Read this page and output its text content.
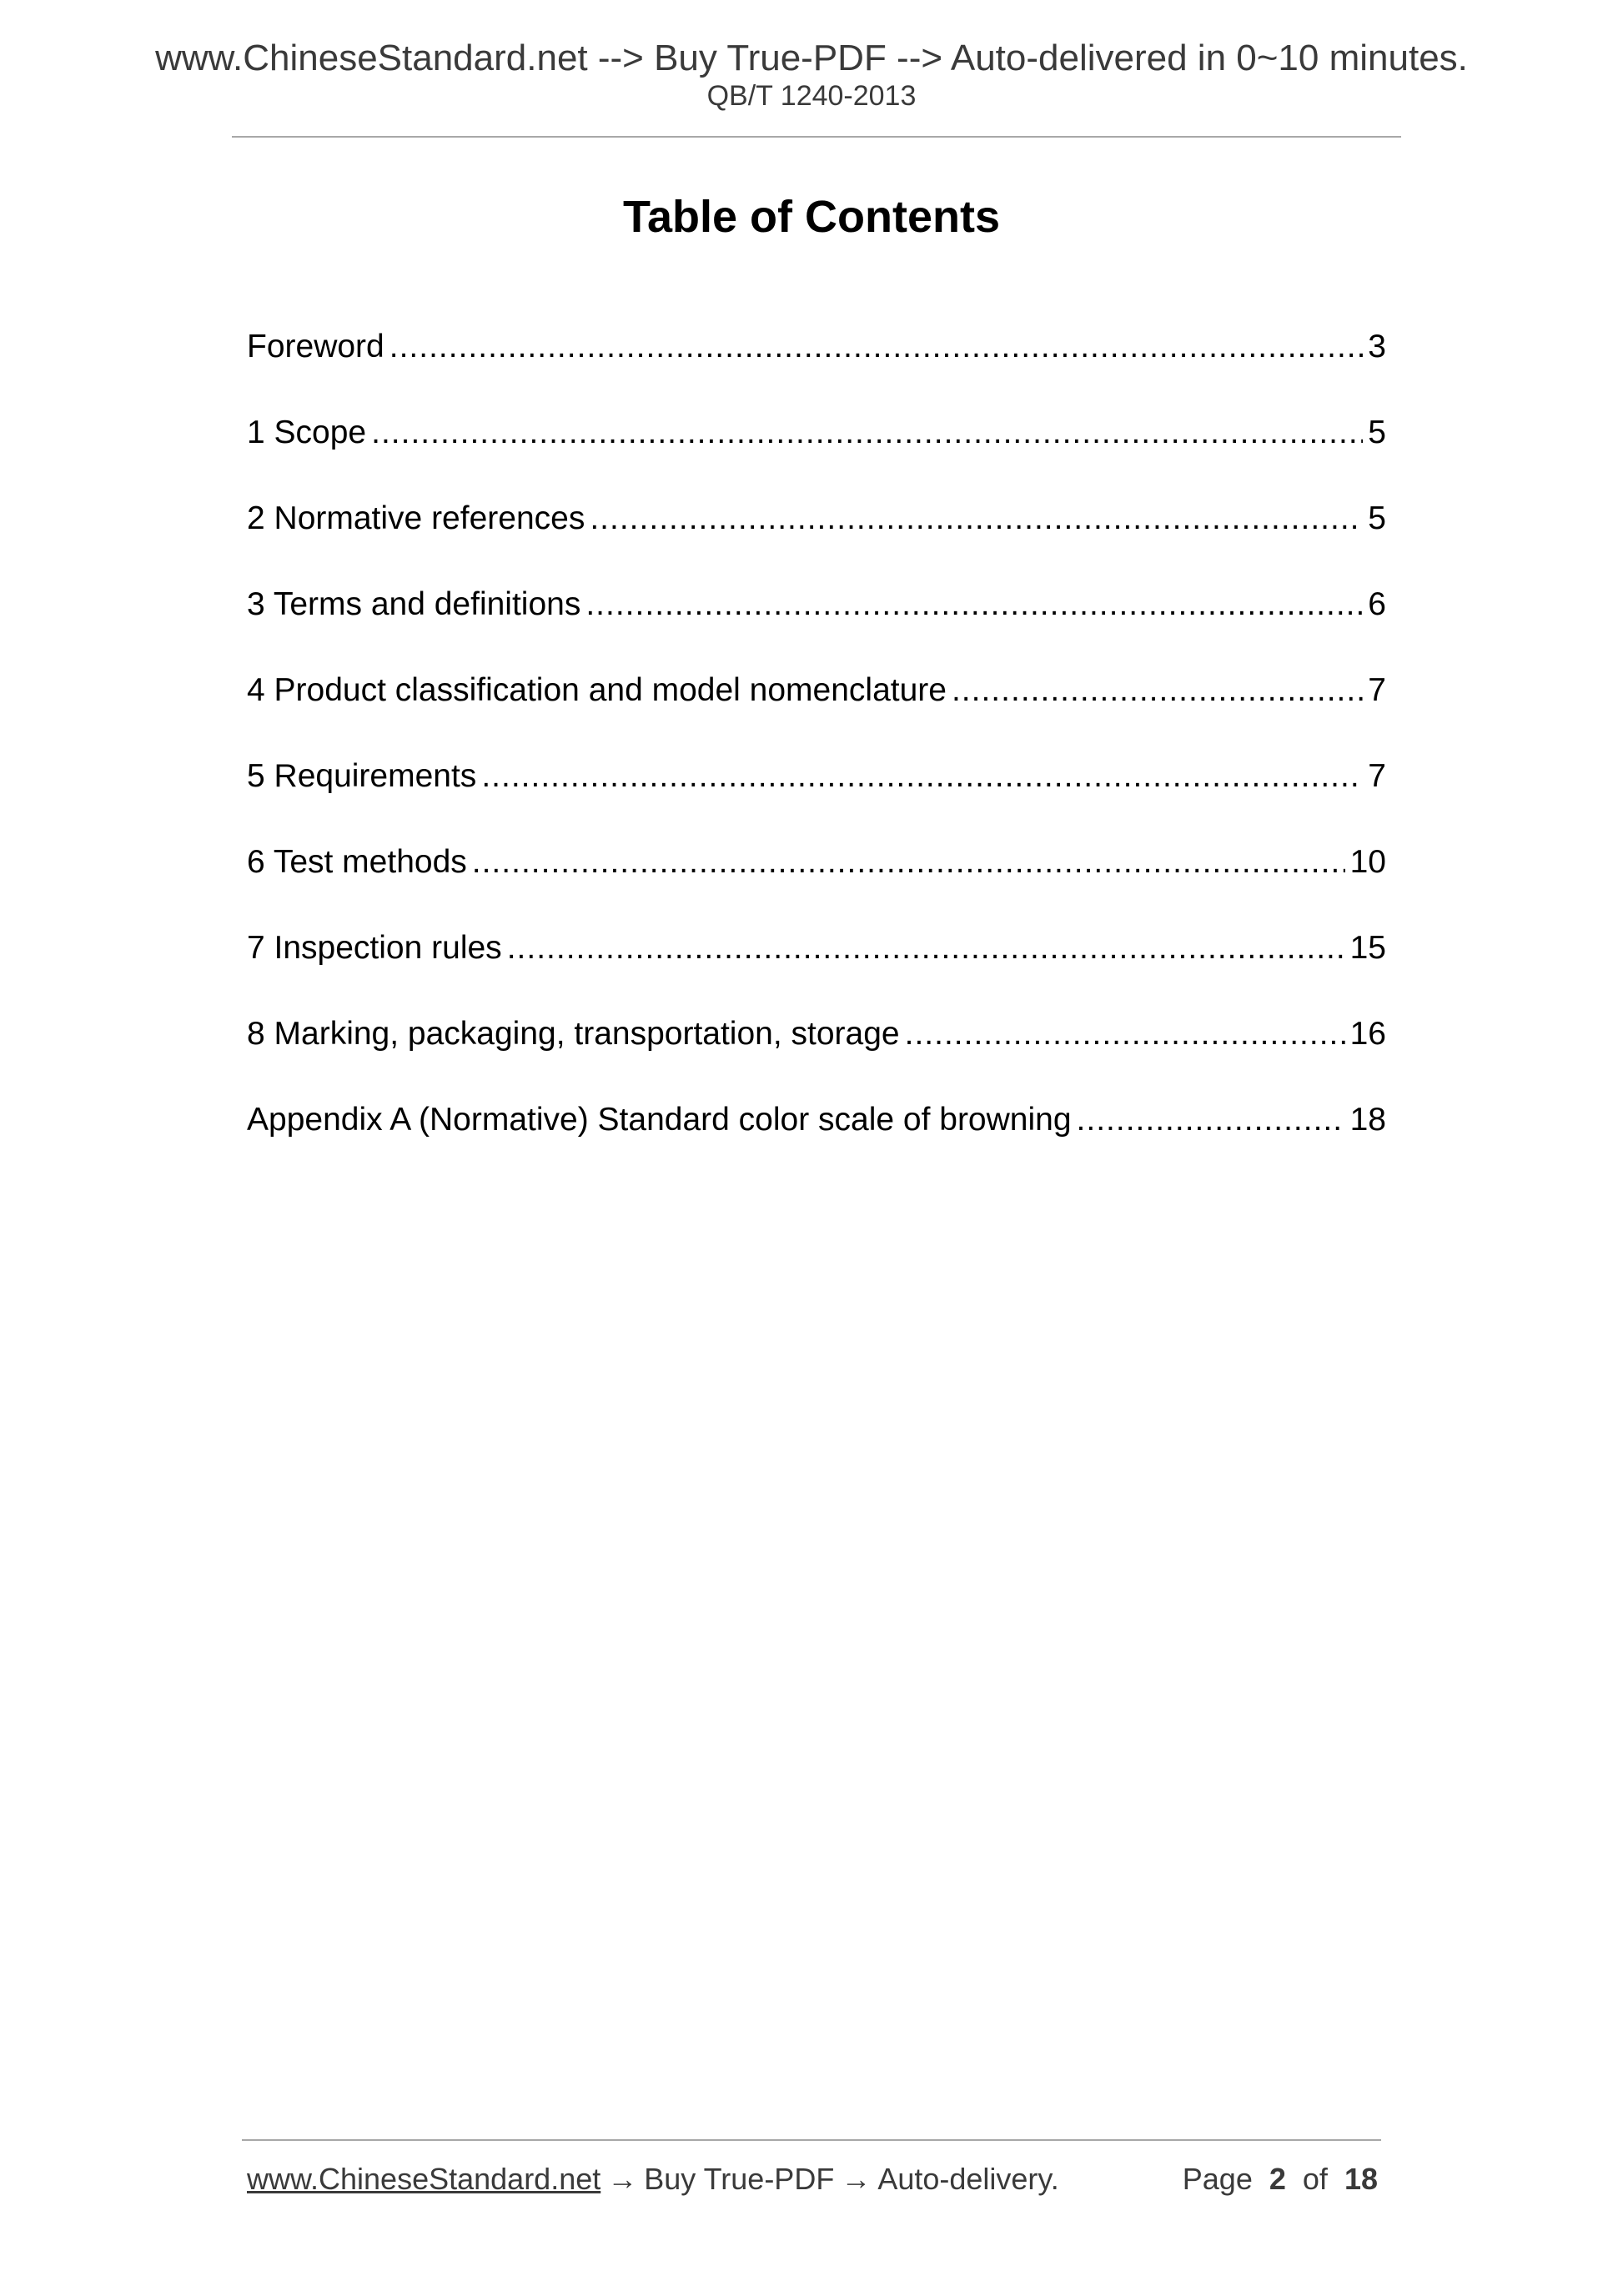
www.ChineseStandard.net --> Buy True-PDF --> Auto-delivered in 0~10 minutes.
QB/T 1240-2013
Table of Contents
Foreword .....	3
1 Scope .....	5
2 Normative references .....	5
3 Terms and definitions .....	6
4 Product classification and model nomenclature .....	7
5 Requirements .....	7
6 Test methods .....	10
7 Inspection rules .....	15
8 Marking, packaging, transportation, storage .....	16
Appendix A (Normative) Standard color scale of browning .....	18
www.ChineseStandard.net → Buy True-PDF → Auto-delivery.	Page 2 of 18
